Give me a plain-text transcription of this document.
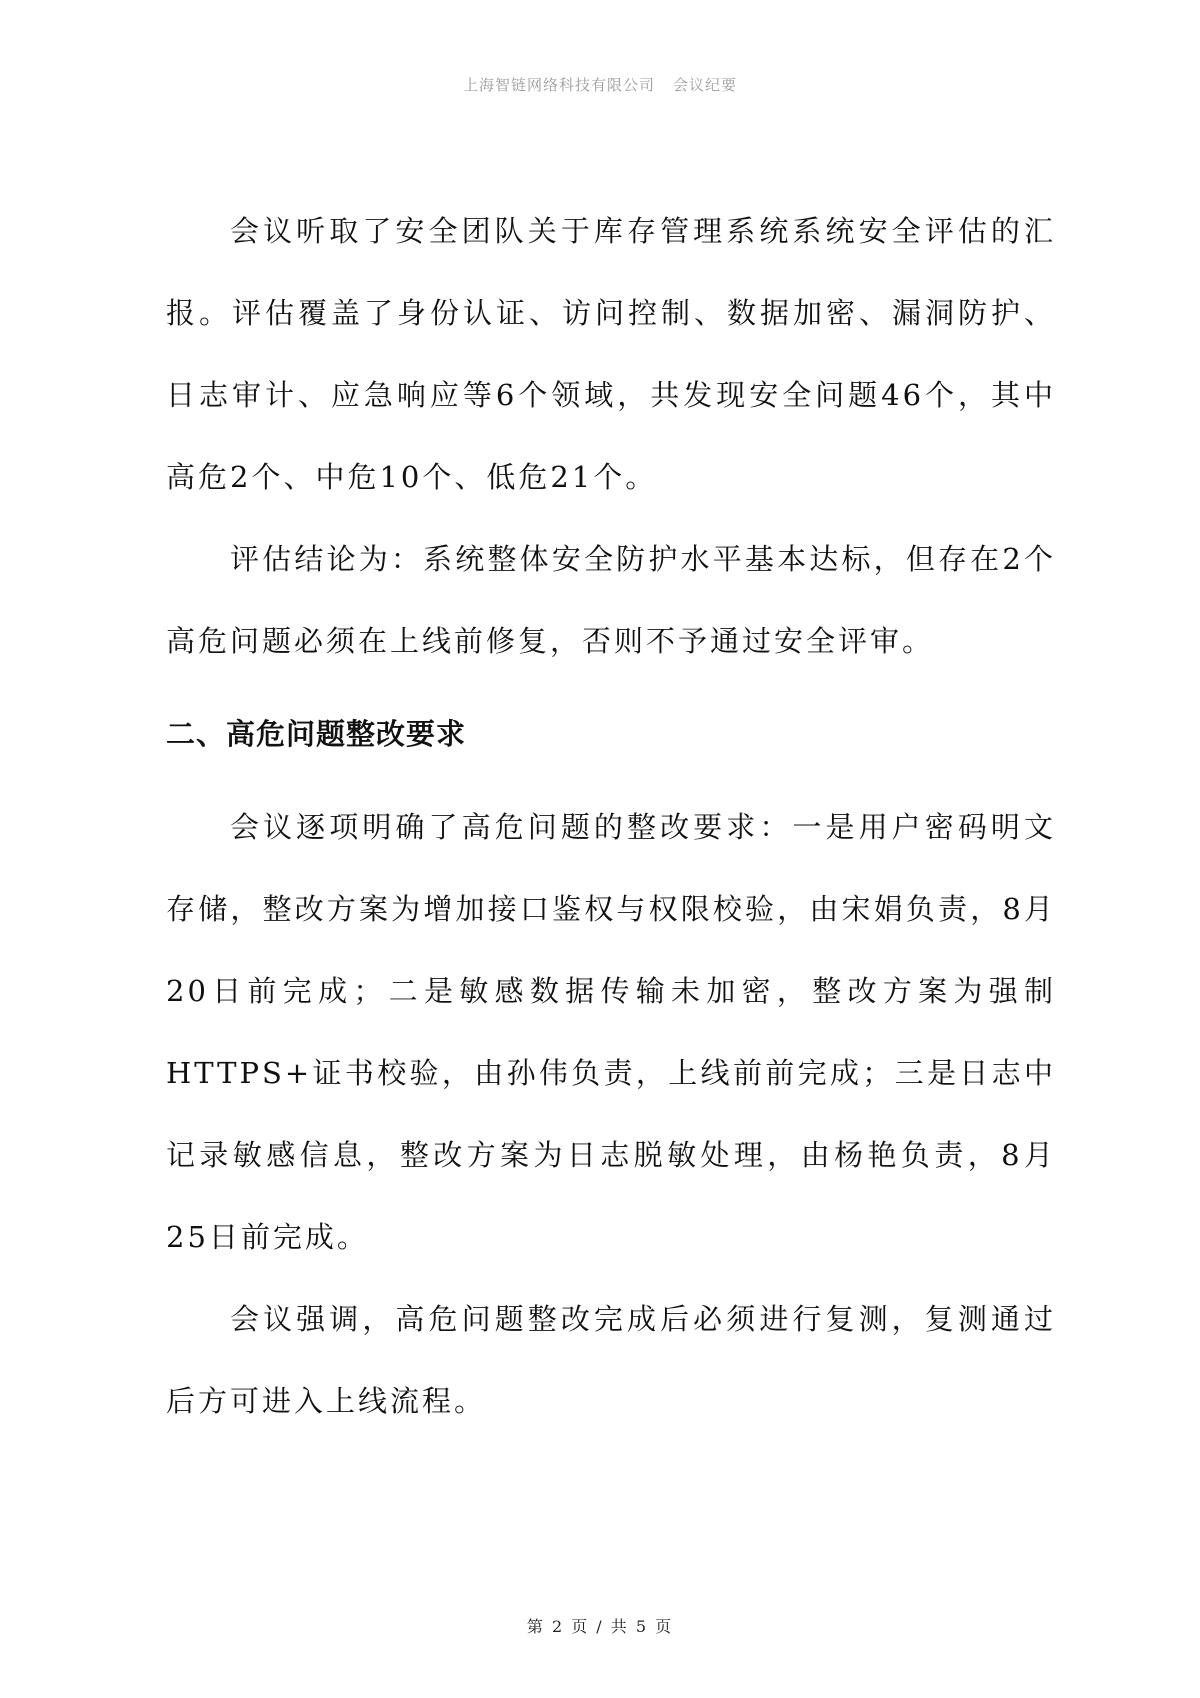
上海智链网络科技有限公司 会议纪要

会议听取了安全团队关于库存管理系统系统安全评估的汇报。评估覆盖了身份认证、访问控制、数据加密、漏洞防护、日志审计、应急响应等6个领域，共发现安全问题46个，其中高危2个、中危10个、低危21个。

评估结论为：系统整体安全防护水平基本达标，但存在2个高危问题必须在上线前修复，否则不予通过安全评审。

二、高危问题整改要求

会议逐项明确了高危问题的整改要求：一是用户密码明文存储，整改方案为增加接口鉴权与权限校验，由宋娟负责，8月20日前完成；二是敏感数据传输未加密，整改方案为强制HTTPS+证书校验，由孙伟负责，上线前前完成；三是日志中记录敏感信息，整改方案为日志脱敏处理，由杨艳负责，8月25日前完成。

会议强调，高危问题整改完成后必须进行复测，复测通过后方可进入上线流程。

第 2 页 / 共 5 页
